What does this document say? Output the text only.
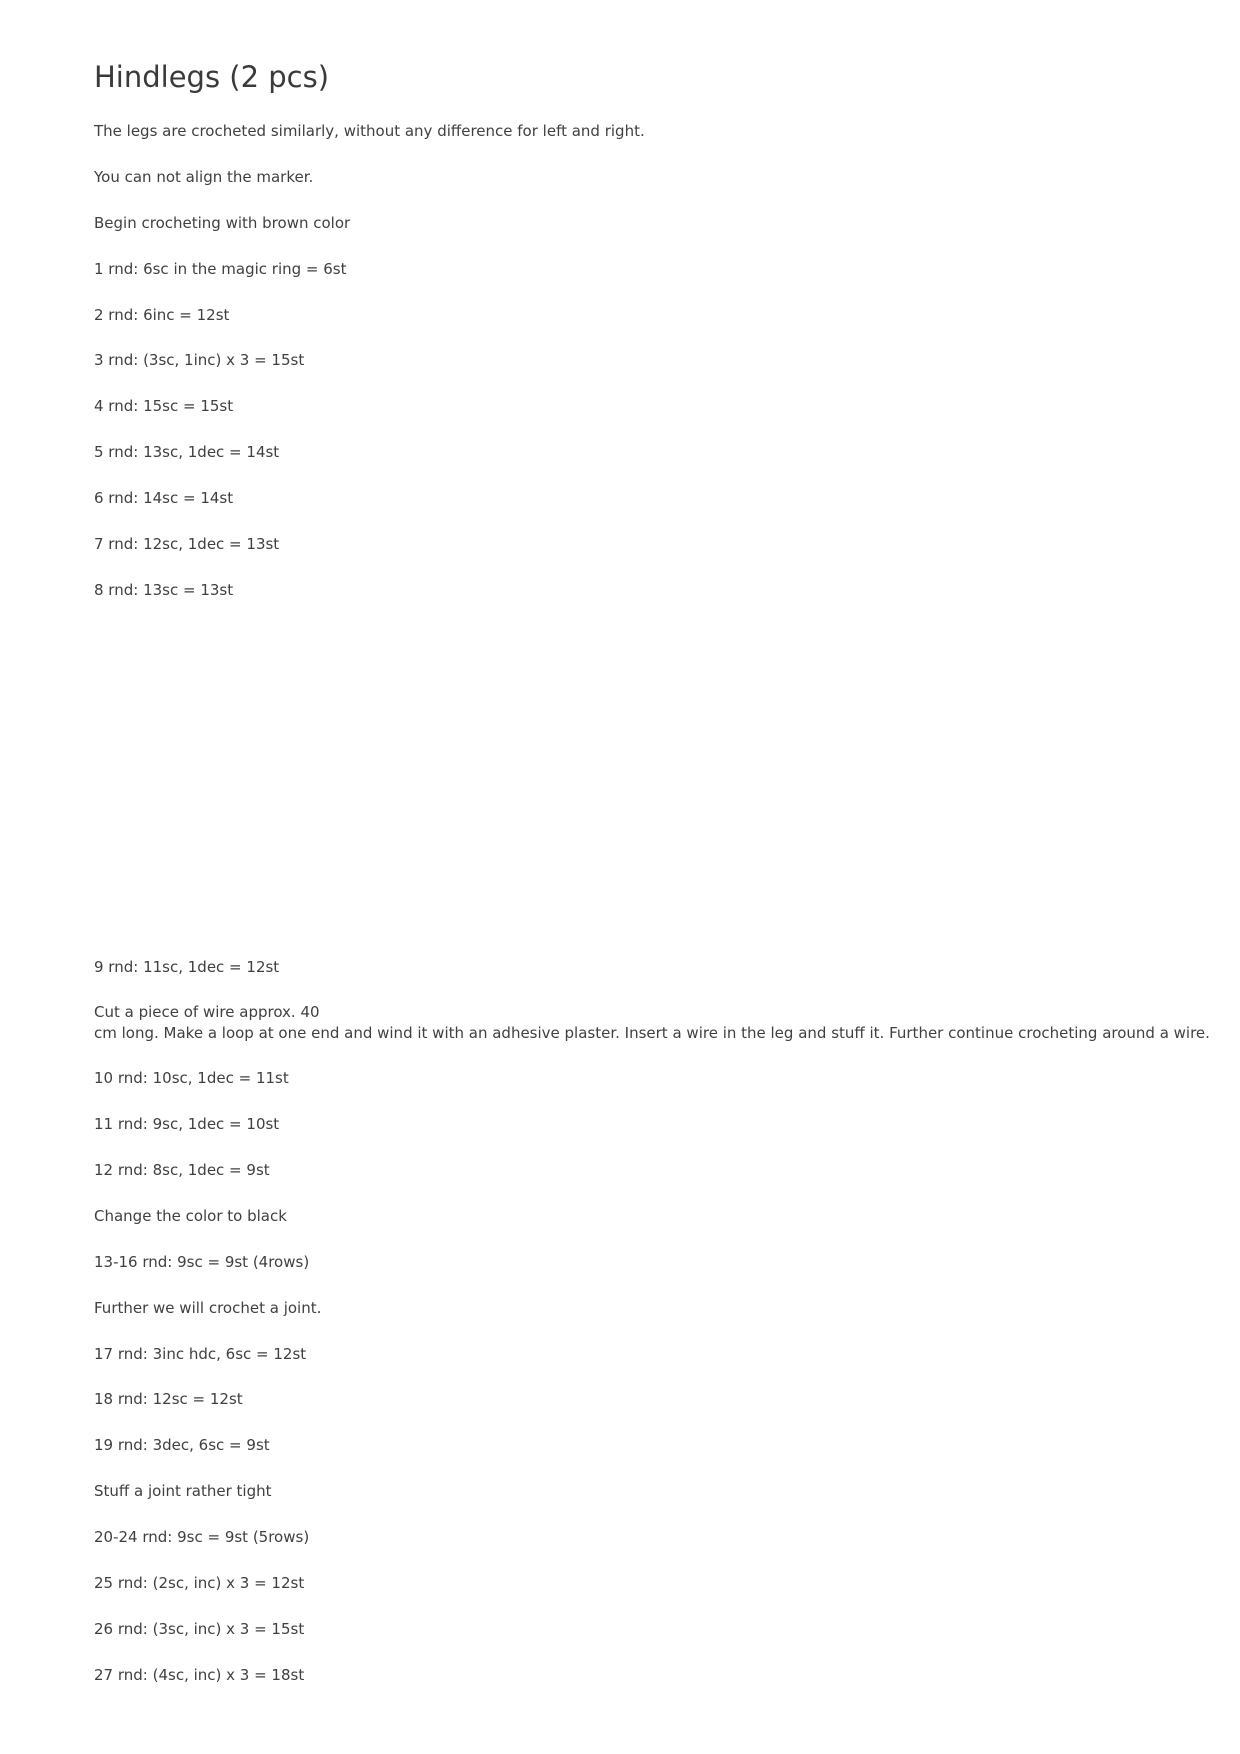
Hindlegs (2 pcs)

The legs are crocheted similarly, without any difference for left and right.

You can not align the marker.

Begin crocheting with brown color

1 rnd: 6sc in the magic ring = 6st

2 rnd: 6inc = 12st

3 rnd: (3sc, 1inc) x 3 = 15st

4 rnd: 15sc = 15st

5 rnd: 13sc, 1dec = 14st

6 rnd: 14sc = 14st

7 rnd: 12sc, 1dec = 13st

8 rnd: 13sc = 13st

9 rnd: 11sc, 1dec = 12st

Cut a piece of wire approx. 40

cm long. Make a loop at one end and wind it with an adhesive plaster. Insert a wire in the leg and stuff it. Further continue crocheting around a wire.

10 rnd: 10sc, 1dec = 11st

11 rnd: 9sc, 1dec = 10st

12 rnd: 8sc, 1dec = 9st

Change the color to black

13-16 rnd: 9sc = 9st (4rows)

Further we will crochet a joint.

17 rnd: 3inc hdc, 6sc = 12st

18 rnd: 12sc = 12st

19 rnd: 3dec, 6sc = 9st

Stuff a joint rather tight

20-24 rnd: 9sc = 9st (5rows)

25 rnd: (2sc, inc) x 3 = 12st

26 rnd: (3sc, inc) x 3 = 15st

27 rnd: (4sc, inc) x 3 = 18st
